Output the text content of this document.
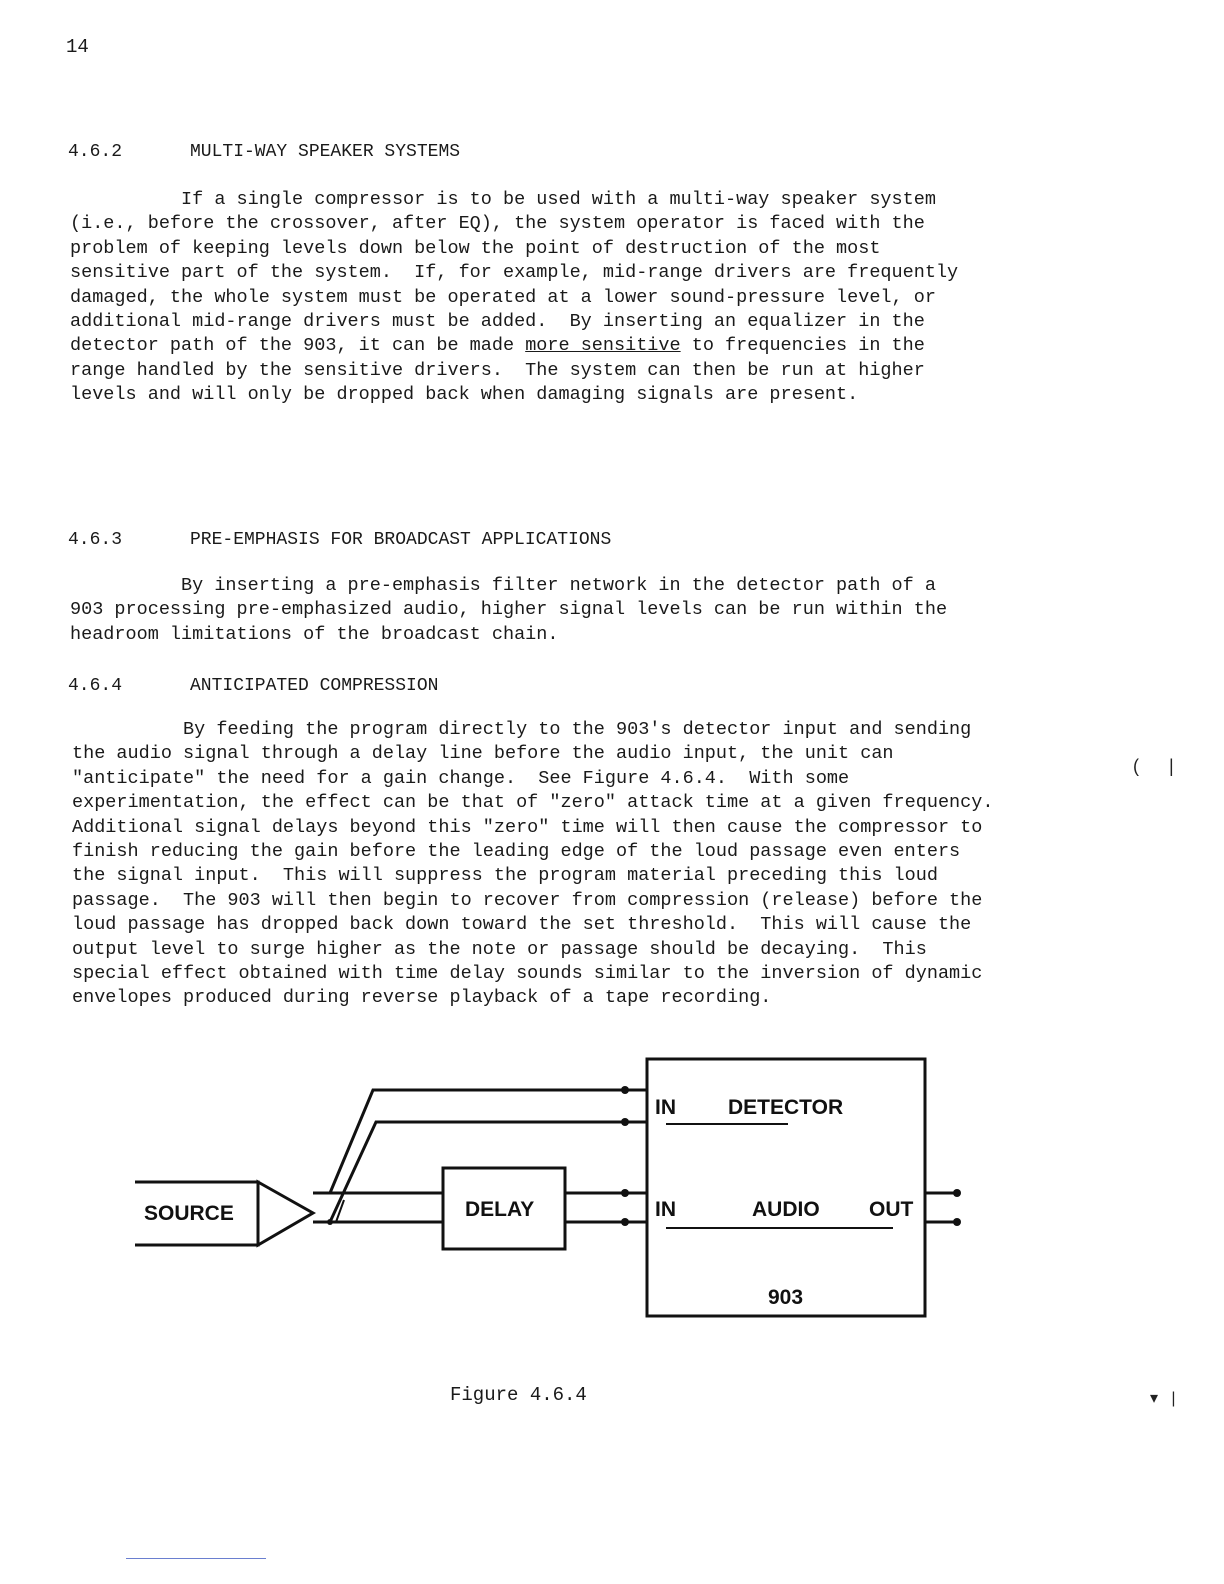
14
4.6.2	MULTI-WAY SPEAKER SYSTEMS
If a single compressor is to be used with a multi-way speaker system
(i.e., before the crossover, after EQ), the system operator is faced with the
problem of keeping levels down below the point of destruction of the most
sensitive part of the system.  If, for example, mid-range drivers are frequently
damaged, the whole system must be operated at a lower sound-pressure level, or
additional mid-range drivers must be added.  By inserting an equalizer in the
detector path of the 903, it can be made more sensitive to frequencies in the
range handled by the sensitive drivers.  The system can then be run at higher
levels and will only be dropped back when damaging signals are present.
4.6.3	PRE-EMPHASIS FOR BROADCAST APPLICATIONS
By inserting a pre-emphasis filter network in the detector path of a
903 processing pre-emphasized audio, higher signal levels can be run within the
headroom limitations of the broadcast chain.
4.6.4	ANTICIPATED COMPRESSION
By feeding the program directly to the 903's detector input and sending
the audio signal through a delay line before the audio input, the unit can
"anticipate" the need for a gain change.  See Figure 4.6.4.  With some
experimentation, the effect can be that of "zero" attack time at a given frequency.
Additional signal delays beyond this "zero" time will then cause the compressor to
finish reducing the gain before the leading edge of the loud passage even enters
the signal input.  This will suppress the program material preceding this loud
passage.  The 903 will then begin to recover from compression (release) before the
loud passage has dropped back down toward the set threshold.  This will cause the
output level to surge higher as the note or passage should be decaying.  This
special effect obtained with time delay sounds similar to the inversion of dynamic
envelopes produced during reverse playback of a tape recording.
SOURCE	DELAY
IN DETECTOR
IN	AUDIO OUT
903
Figure 4.6.4
(      |
▾   |
